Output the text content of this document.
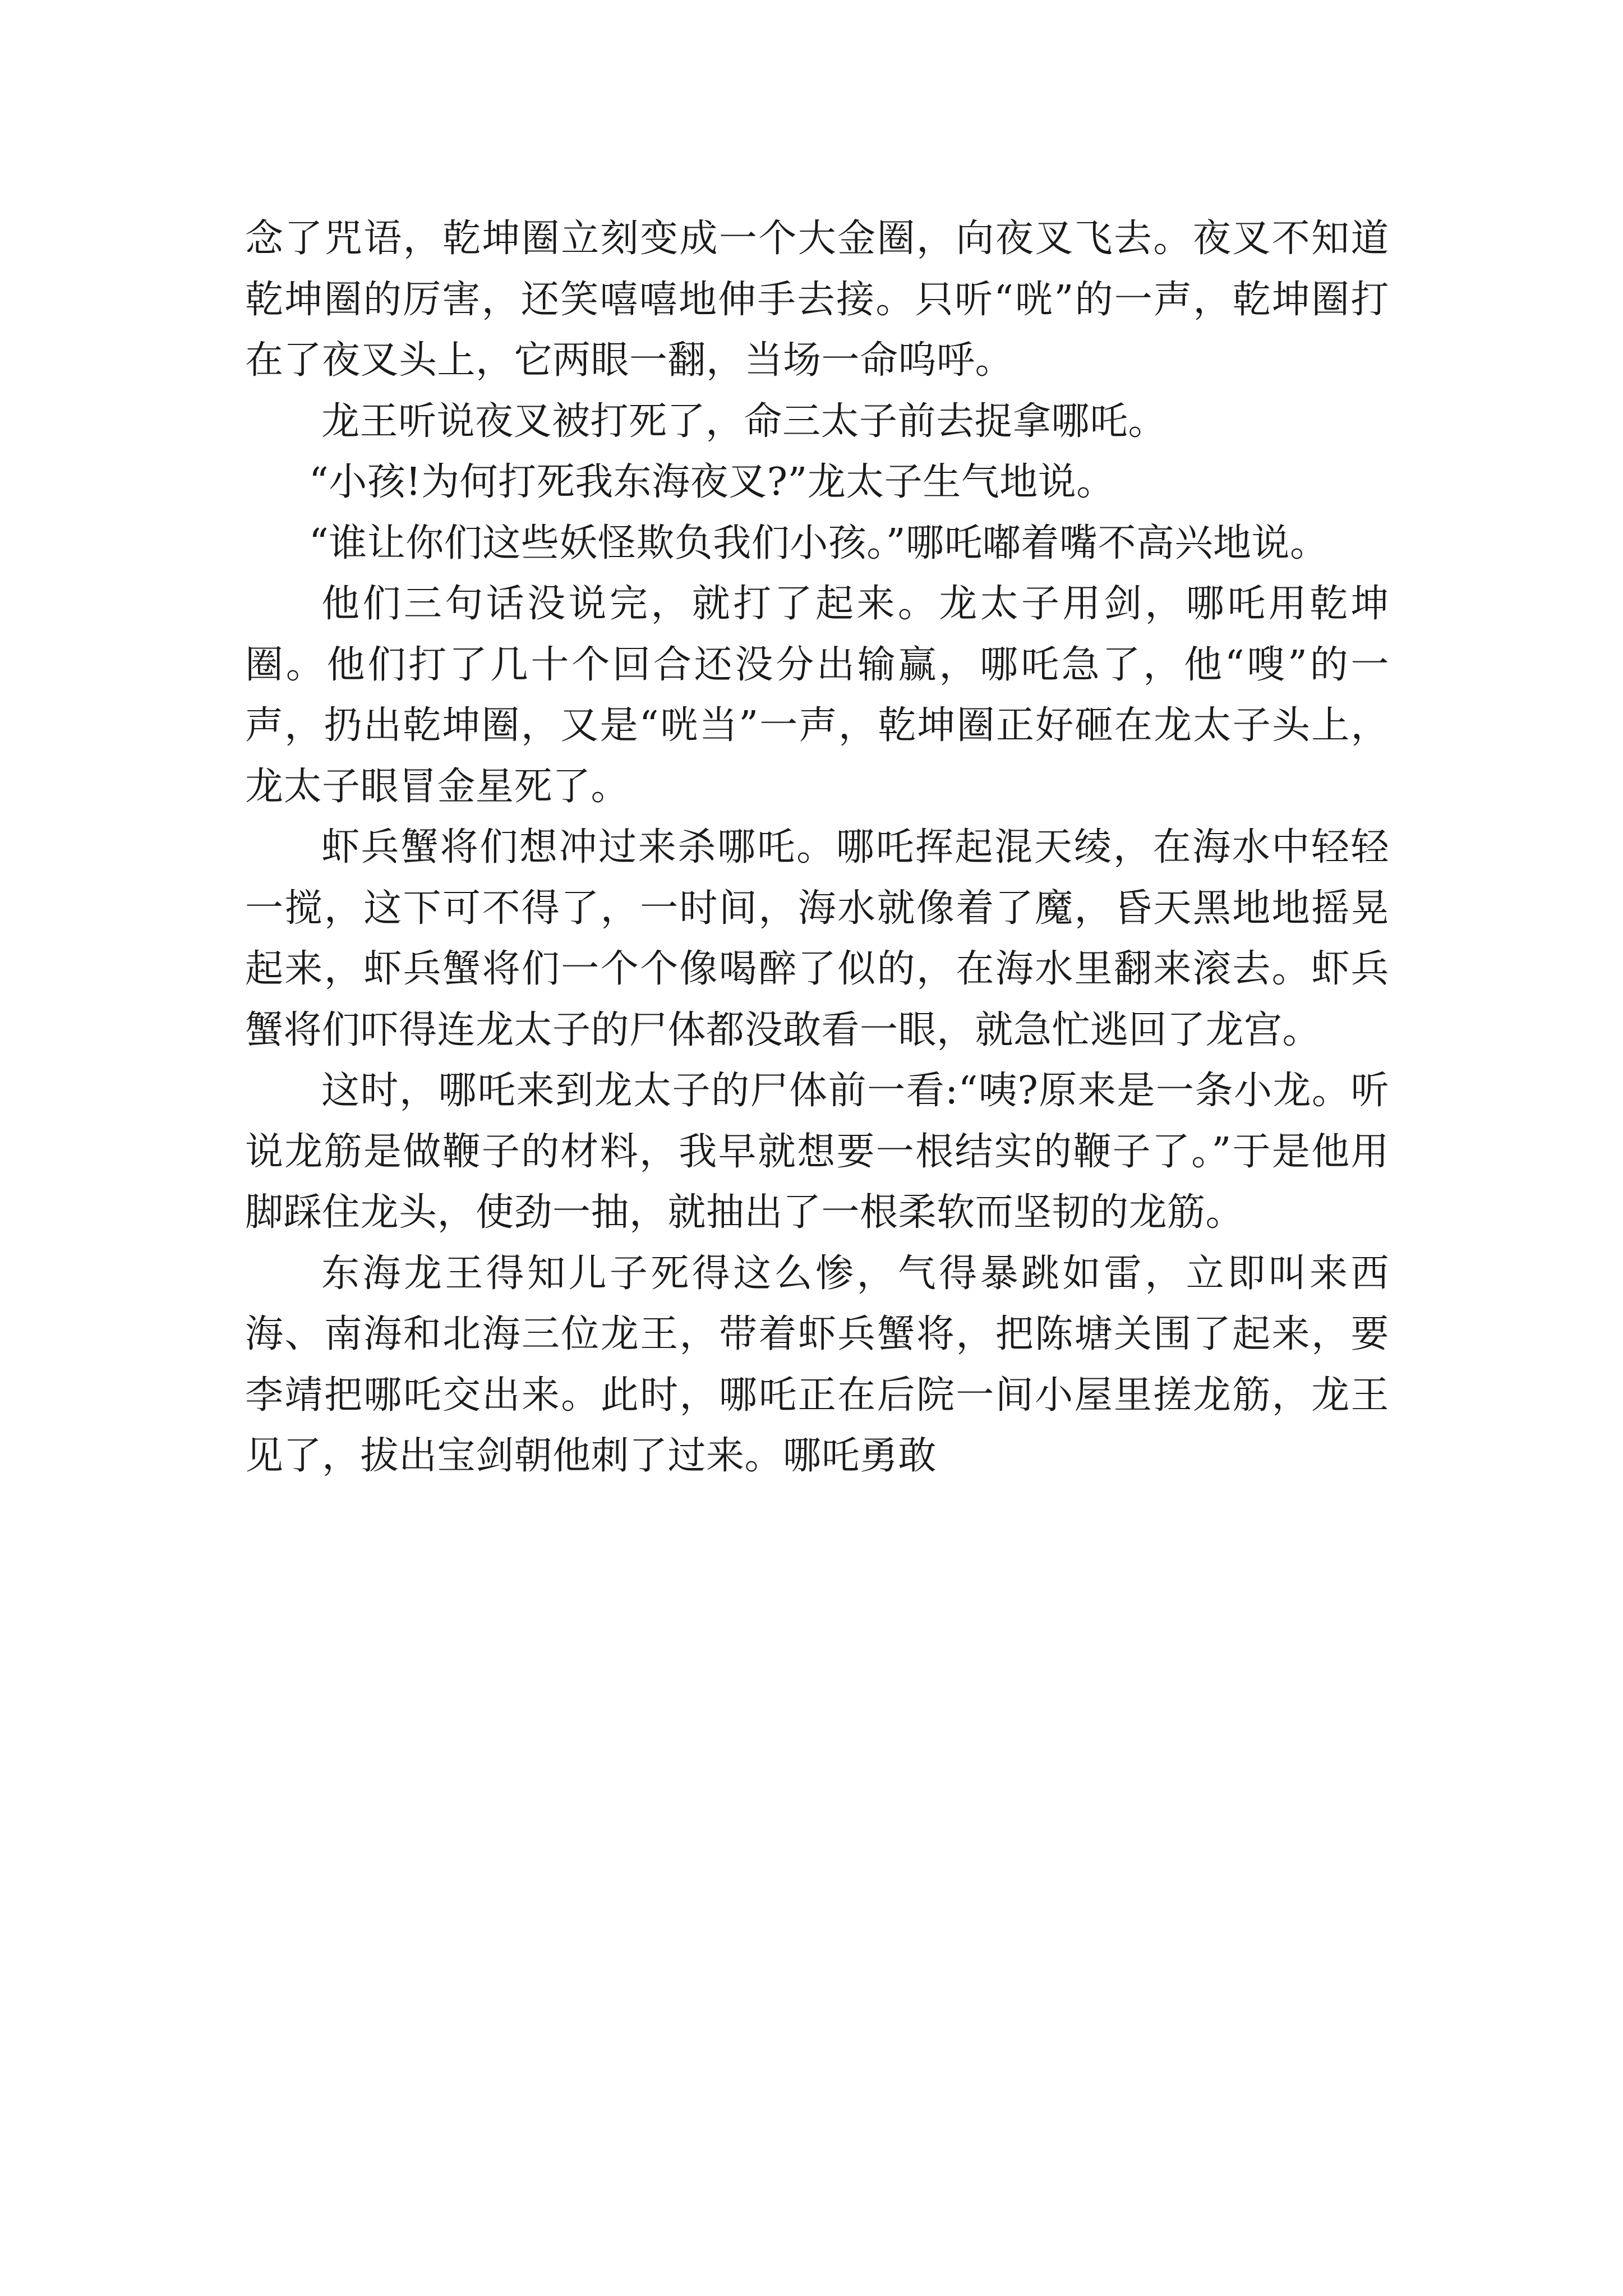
念了咒语，乾坤圈立刻变成一个大金圈，向夜叉飞去。夜叉不知道乾坤圈的厉害，还笑嘻嘻地伸手去接。只听“咣”的一声，乾坤圈打在了夜叉头上，它两眼一翻，当场一命呜呼。

龙王听说夜叉被打死了，命三太子前去捉拿哪吒。

“小孩!为何打死我东海夜叉?”龙太子生气地说。

“谁让你们这些妖怪欺负我们小孩。”哪吒嘟着嘴不高兴地说。

他们三句话没说完，就打了起来。龙太子用剑，哪吒用乾坤圈。他们打了几十个回合还没分出输赢，哪吒急了，他“嗖”的一声，扔出乾坤圈，又是“咣当”一声，乾坤圈正好砸在龙太子头上，龙太子眼冒金星死了。

虾兵蟹将们想冲过来杀哪吒。哪吒挥起混天绫，在海水中轻轻一搅，这下可不得了，一时间，海水就像着了魔，昏天黑地地摇晃起来，虾兵蟹将们一个个像喝醉了似的，在海水里翻来滚去。虾兵蟹将们吓得连龙太子的尸体都没敢看一眼，就急忙逃回了龙宫。

这时，哪吒来到龙太子的尸体前一看:“咦?原来是一条小龙。听说龙筋是做鞭子的材料，我早就想要一根结实的鞭子了。”于是他用脚踩住龙头，使劲一抽，就抽出了一根柔软而坚韧的龙筋。

东海龙王得知儿子死得这么惨，气得暴跳如雷，立即叫来西海、南海和北海三位龙王，带着虾兵蟹将，把陈塘关围了起来，要李靖把哪吒交出来。此时，哪吒正在后院一间小屋里搓龙筋，龙王见了，拔出宝剑朝他刺了过来。哪吒勇敢
